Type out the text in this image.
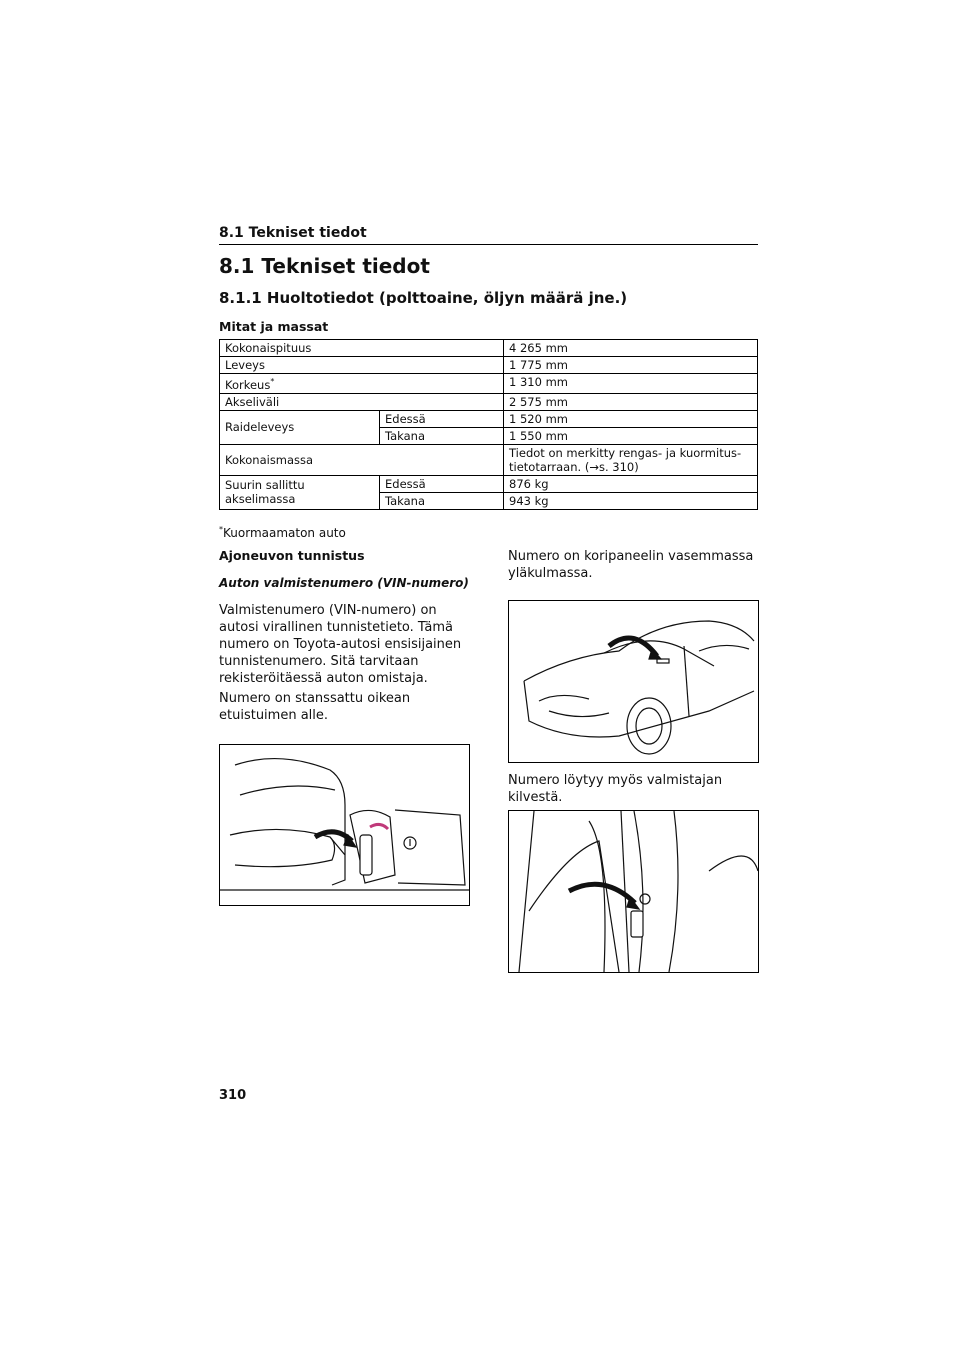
8.1 Tekniset tiedot
8.1 Tekniset tiedot
8.1.1 Huoltotiedot (polttoaine, öljyn määrä jne.)
Mitat ja massat
Kokonaispituus		4 265 mm
Leveys		1 775 mm
Korkeus*		1 310 mm
Akseliväli		2 575 mm
Raideleveys	Edessä	1 520 mm
	Takana	1 550 mm
Kokonaismassa		Tiedot on merkitty rengas- ja kuormitus-tietotarraan. (→s. 310)
Suurin sallittu akselimassa	Edessä	876 kg
	Takana	943 kg
*Kuormaamaton auto
Ajoneuvon tunnistus
Auton valmistenumero (VIN-numero)
Valmistenumero (VIN-numero) on autosi virallinen tunnistetieto. Tämä numero on Toyota-autosi ensisijainen tunnistenumero. Sitä tarvitaan rekisteröitäessä auton omistaja.
Numero on stanssattu oikean etuistuimen alle.
Numero on koripaneelin vasemmassa yläkulmassa.
Numero löytyy myös valmistajan kilvestä.
310
